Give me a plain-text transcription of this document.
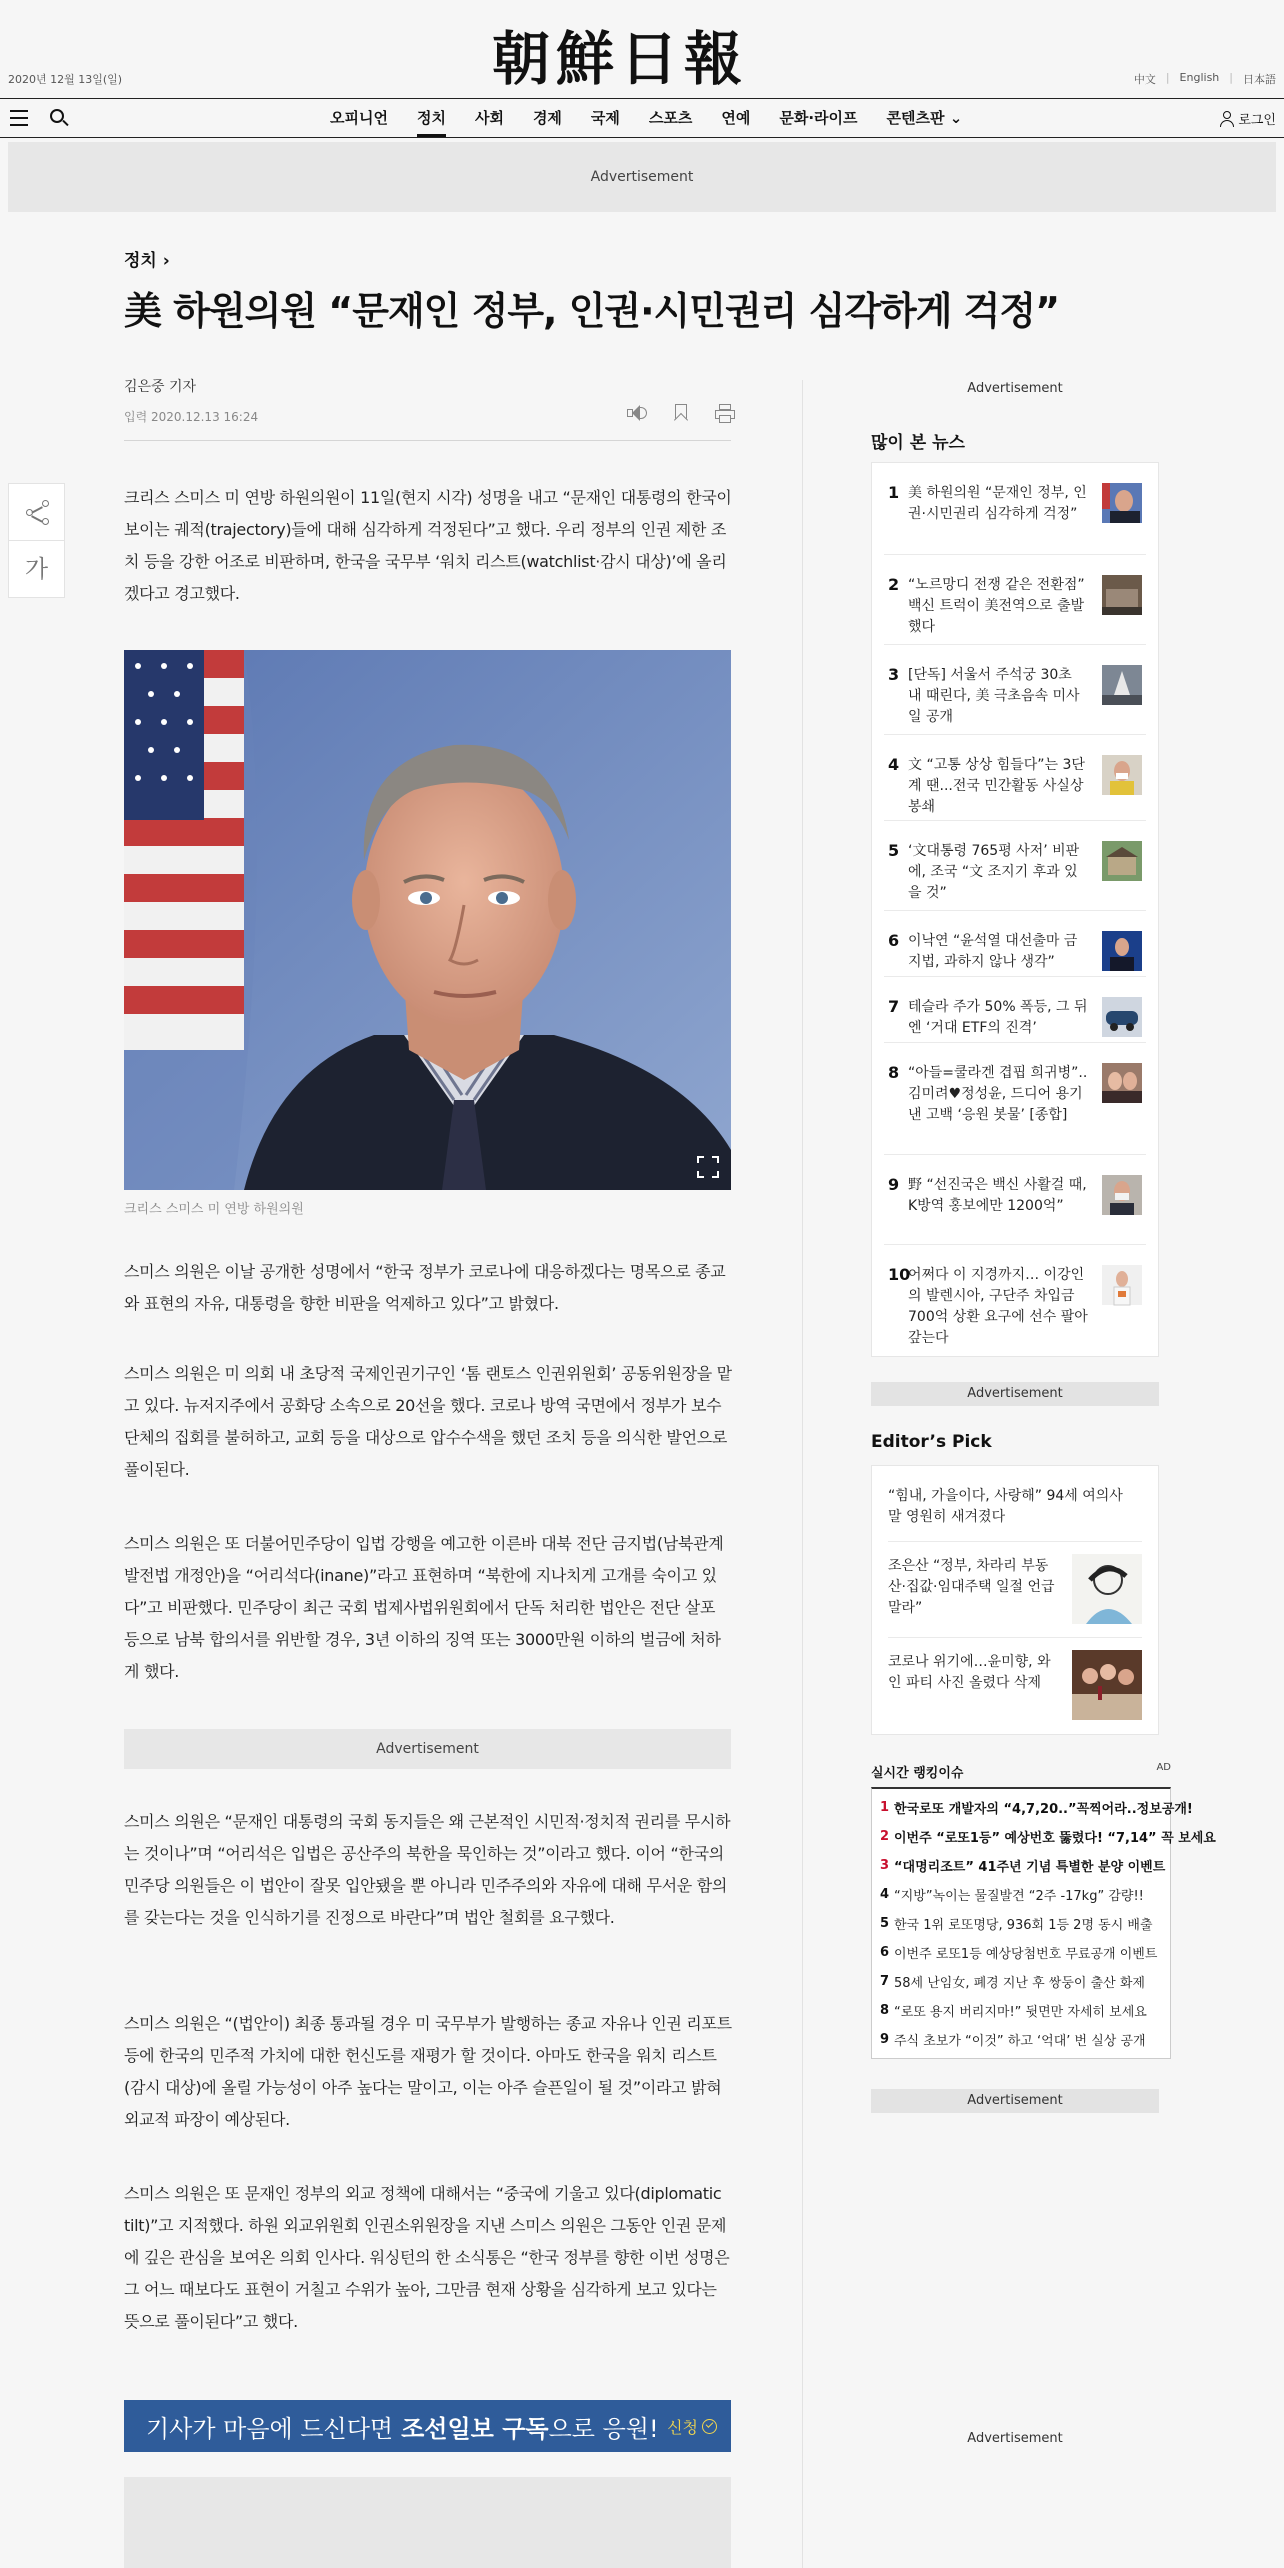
朝鮮日報
2020년 12월 13일(일)	中文 | English | 日本語
오피니언 정치 사회 경제 국제 스포츠 연예 문화·라이프 콘텐츠판 ⌄	로그인
Advertisement
정치 ›
美 하원의원 “문재인 정부, 인권·시민권리 심각하게 걱정”
김은중 기자
입력 2020.12.13 16:24
가

크리스 스미스 미 연방 하원의원이 11일(현지 시각) 성명을 내고 “문재인 대통령의 한국이 보이는 궤적(trajectory)들에 대해 심각하게 걱정된다”고 했다. 우리 정부의 인권 제한 조치 등을 강한 어조로 비판하며, 한국을 국무부 ‘워치 리스트(watchlist·감시 대상)’에 올리겠다고 경고했다.

크리스 스미스 미 연방 하원의원

스미스 의원은 이날 공개한 성명에서 “한국 정부가 코로나에 대응하겠다는 명목으로 종교와 표현의 자유, 대통령을 향한 비판을 억제하고 있다”고 밝혔다.

스미스 의원은 미 의회 내 초당적 국제인권기구인 ‘톰 랜토스 인권위원회’ 공동위원장을 맡고 있다. 뉴저지주에서 공화당 소속으로 20선을 했다. 코로나 방역 국면에서 정부가 보수 단체의 집회를 불허하고, 교회 등을 대상으로 압수수색을 했던 조치 등을 의식한 발언으로 풀이된다.

스미스 의원은 또 더불어민주당이 입법 강행을 예고한 이른바 대북 전단 금지법(남북관계발전법 개정안)을 “어리석다(inane)”라고 표현하며 “북한에 지나치게 고개를 숙이고 있다”고 비판했다. 민주당이 최근 국회 법제사법위원회에서 단독 처리한 법안은 전단 살포 등으로 남북 합의서를 위반할 경우, 3년 이하의 징역 또는 3000만원 이하의 벌금에 처하게 했다.

Advertisement

스미스 의원은 “문재인 대통령의 국회 동지들은 왜 근본적인 시민적·정치적 권리를 무시하는 것이나”며 “어리석은 입법은 공산주의 북한을 묵인하는 것”이라고 했다. 이어 “한국의 민주당 의원들은 이 법안이 잘못 입안됐을 뿐 아니라 민주주의와 자유에 대해 무서운 함의를 갖는다는 것을 인식하기를 진정으로 바란다”며 법안 철회를 요구했다.

스미스 의원은 “(법안이) 최종 통과될 경우 미 국무부가 발행하는 종교 자유나 인권 리포트 등에 한국의 민주적 가치에 대한 헌신도를 재평가 할 것이다. 아마도 한국을 워치 리스트(감시 대상)에 올릴 가능성이 아주 높다는 말이고, 이는 아주 슬픈일이 될 것”이라고 밝혀 외교적 파장이 예상된다.

스미스 의원은 또 문재인 정부의 외교 정책에 대해서는 “중국에 기울고 있다(diplomatic tilt)”고 지적했다. 하원 외교위원회 인권소위원장을 지낸 스미스 의원은 그동안 인권 문제에 깊은 관심을 보여온 의회 인사다. 워싱턴의 한 소식통은 “한국 정부를 향한 이번 성명은 그 어느 때보다도 표현이 거칠고 수위가 높아, 그만큼 현재 상황을 심각하게 보고 있다는 뜻으로 풀이된다”고 했다.

기사가 마음에 드신다면 조선일보 구독 으로 응원! 신청
Advertisement
많이 본 뉴스
1 美 하원의원 “문재인 정부, 인권·시민권리 심각하게 걱정”
2 “노르망디 전쟁 같은 전환점” 백신 트럭이 美전역으로 출발했다
3 [단독] 서울서 주석궁 30초 내 때린다, 美 극초음속 미사일 공개
4 文 “고통 상상 힘들다”는 3단계 땐...전국 민간활동 사실상 봉쇄
5 ‘文대통령 765평 사저’ 비판에, 조국 “文 조지기 후과 있을 것”
6 이낙연 “윤석열 대선출마 금지법, 과하지 않나 생각”
7 테슬라 주가 50% 폭등, 그 뒤엔 ‘거대 ETF의 진격’
8 “아들=쿨라겐 겹핍 희귀병”..김미려♥정성윤, 드디어 용기낸 고백 ‘응원 봇물’ [종합]
9 野 “선진국은 백신 사활걸 때, K방역 홍보에만 1200억”
10
어쩌다 이 지경까지… 이강인의 발렌시아, 구단주 차입금 700억 상환 요구에 선수 팔아 갚는다
Advertisement
Editor’s Pick
“힘내, 가을이다, 사랑해” 94세 여의사 말 영원히 새겨졌다
조은산 “정부, 차라리 부동산·집값·임대주택 일절 언급 말라”
코로나 위기에…윤미향, 와인 파티 사진 올렸다 삭제
실시간 랭킹이슈	AD
1 한국로또 개발자의 “4,7,20..”꼭찍어라..정보공개!
2 이번주 “로또1등” 예상번호 뚫렸다! “7,14” 꼭 보세요
3 “대명리조트” 41주년 기념 특별한 분양 이벤트
4 “지방”녹이는 물질발견 “2주 -17kg” 감량!!
5 한국 1위 로또명당, 936회 1등 2명 동시 배출
6 이번주 로또1등 예상당첨번호 무료공개 이벤트
7 58세 난임女, 폐경 지난 후 쌍둥이 출산 화제
8 “로또 용지 버리지마!” 뒷면만 자세히 보세요
9 주식 초보가 “이것” 하고 ‘억대’ 번 실상 공개
Advertisement
Advertisement
